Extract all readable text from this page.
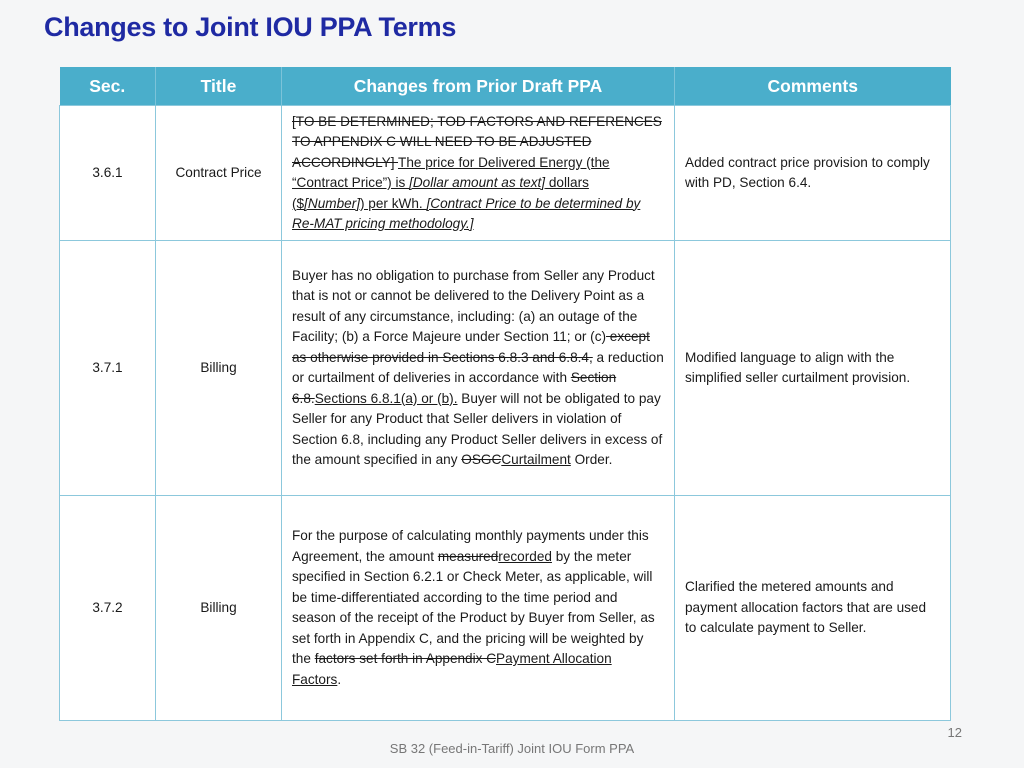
Changes to Joint IOU PPA Terms
Sec.	Title	Changes from Prior Draft PPA	Comments
3.6.1	Contract Price	[TO BE DETERMINED; TOD FACTORS AND REFERENCES TO APPENDIX C WILL NEED TO BE ADJUSTED ACCORDINGLY] The price for Delivered Energy (the “Contract Price”) is [Dollar amount as text] dollars ($[Number]) per kWh. [Contract Price to be determined by Re-MAT pricing methodology.]	Added contract price provision to comply with PD, Section 6.4.
3.7.1	Billing	Buyer has no obligation to purchase from Seller any Product that is not or cannot be delivered to the Delivery Point as a result of any circumstance, including: (a) an outage of the Facility; (b) a Force Majeure under Section 11; or (c) except as otherwise provided in Sections 6.8.3 and 6.8.4, a reduction or curtailment of deliveries in accordance with Section 6.8.Sections 6.8.1(a) or (b). Buyer will not be obligated to pay Seller for any Product that Seller delivers in violation of Section 6.8, including any Product Seller delivers in excess of the amount specified in any OSGCCurtailment Order.	Modified language to align with the simplified seller curtailment provision.
3.7.2	Billing	For the purpose of calculating monthly payments under this Agreement, the amount measuredrecorded by the meter specified in Section 6.2.1 or Check Meter, as applicable, will be time-differentiated according to the time period and season of the receipt of the Product by Buyer from Seller, as set forth in Appendix C, and the pricing will be weighted by the factors set forth in Appendix CPayment Allocation Factors.	Clarified the metered amounts and payment allocation factors that are used to calculate payment to Seller.
12
SB 32 (Feed-in-Tariff) Joint IOU Form PPA
